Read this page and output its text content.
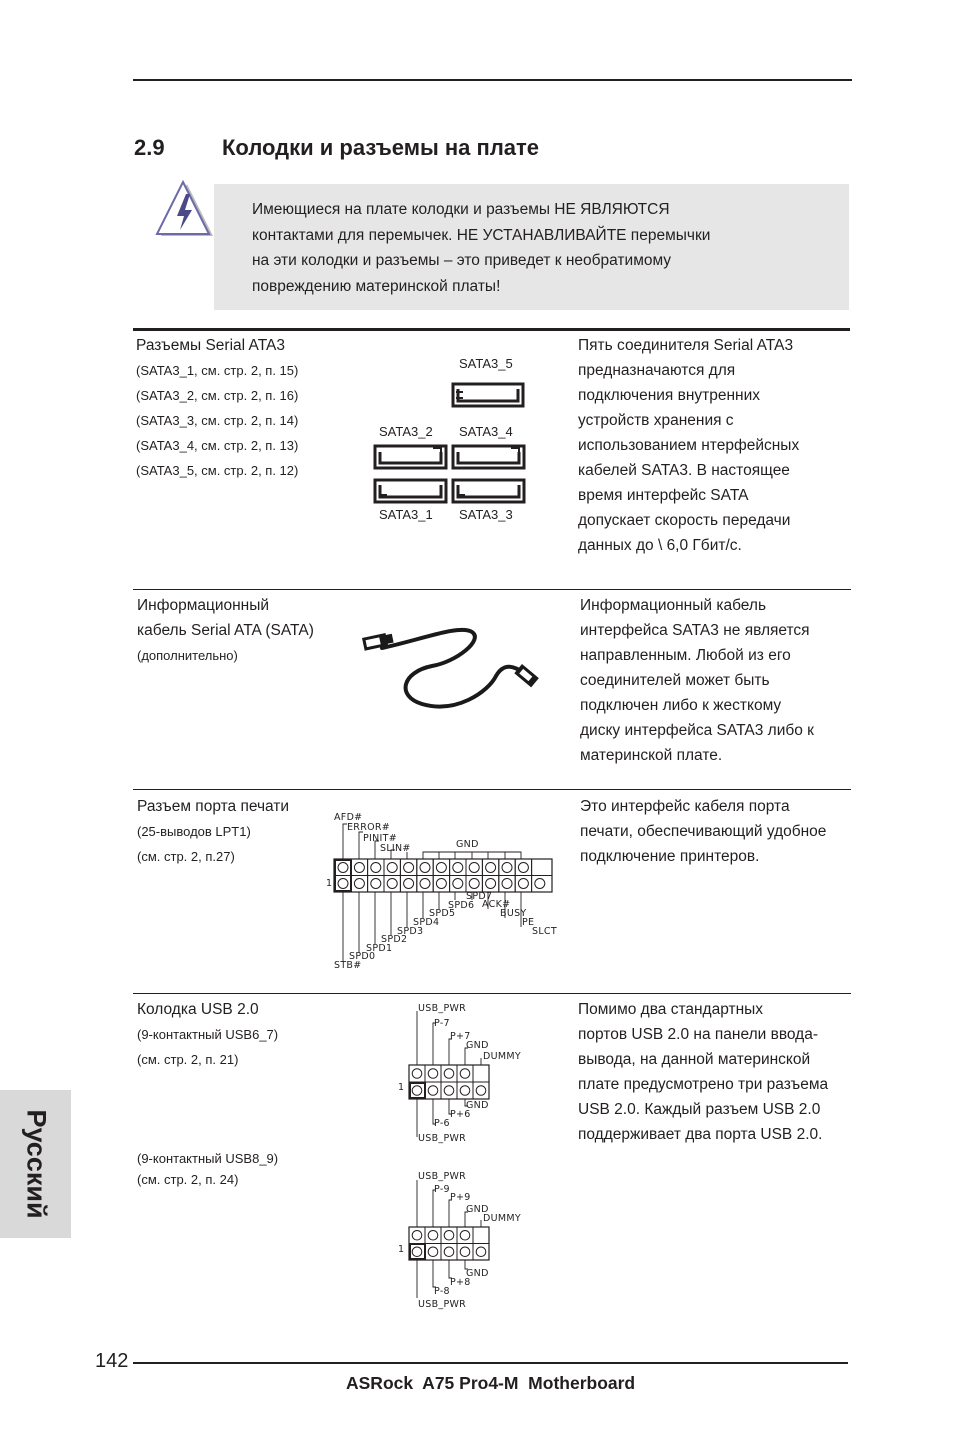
2.9	Колодки и разъемы на плате

Имеющиеся на плате колодки и разъемы НЕ ЯВЛЯЮТСЯ

контактами для перемычек. НЕ УСТАНАВЛИВАЙТЕ перемычки

на эти колодки и разъемы – это приведет к необратимому

повреждению материнской платы!

Разъемы Serial ATA3
(SATA3_1, см. стр. 2, п. 15)
(SATA3_2, см. стр. 2, п. 16)
(SATA3_3, см. стр. 2, п. 14)
(SATA3_4, см. стр. 2, п. 13)
(SATA3_5, см. стр. 2, п. 12)
SATA3_5
SATA3_2 SATA3_4
SATA3_1 SATA3_3
Пять соединителя Serial ATA3
предназначаются для
подключения внутренних
устройств хранения с
использованием нтерфейсных
кабелей SATA3. В настоящее
время интерфейс SATA
допускает скорость передачи
данных до \ 6,0 Гбит/с.
Информационный
кабель Serial ATA (SATA)
(дополнительно)
Информационный кабель
интерфейса SATA3 не является
направленным. Любой из его
соединителей может быть
подключен либо к жесткому
диску интерфейса SATA3 либо к
материнской плате.
Разъем порта печати
(25-выводов LPT1)
(см. стр. 2, п.27)
1
AFD#
ERROR#
PINIT#
SLIN#	GND
SPD7
SPD6 ACK#
SPD5	BUSY
SPD4	PE
SPD3	SLCT
SPD2
SPD1
SPD0
STB#
Это интерфейс кабеля порта
печати, обеспечивающий удобное
подключение принтеров.
Колодка USB 2.0
(9-контактный USB6_7)
(см. стр. 2, п. 21)
(9-контактный USB8_9)
(см. стр. 2, п. 24)
USB_PWR
P-7
P+7
GND
DUMMY
1
GND
P+6
P-6
USB_PWR
USB_PWR
P-9
P+9
GND
DUMMY
1
GND
P+8
P-8
USB_PWR
Помимо два стандартных
портов USB 2.0 на панели ввода-
вывода, на данной материнской
плате предусмотрено три разъема
USB 2.0. Каждый разъем USB 2.0
поддерживает два порта USB 2.0.
Русский
142
ASRock  A75 Pro4-M  Motherboard
